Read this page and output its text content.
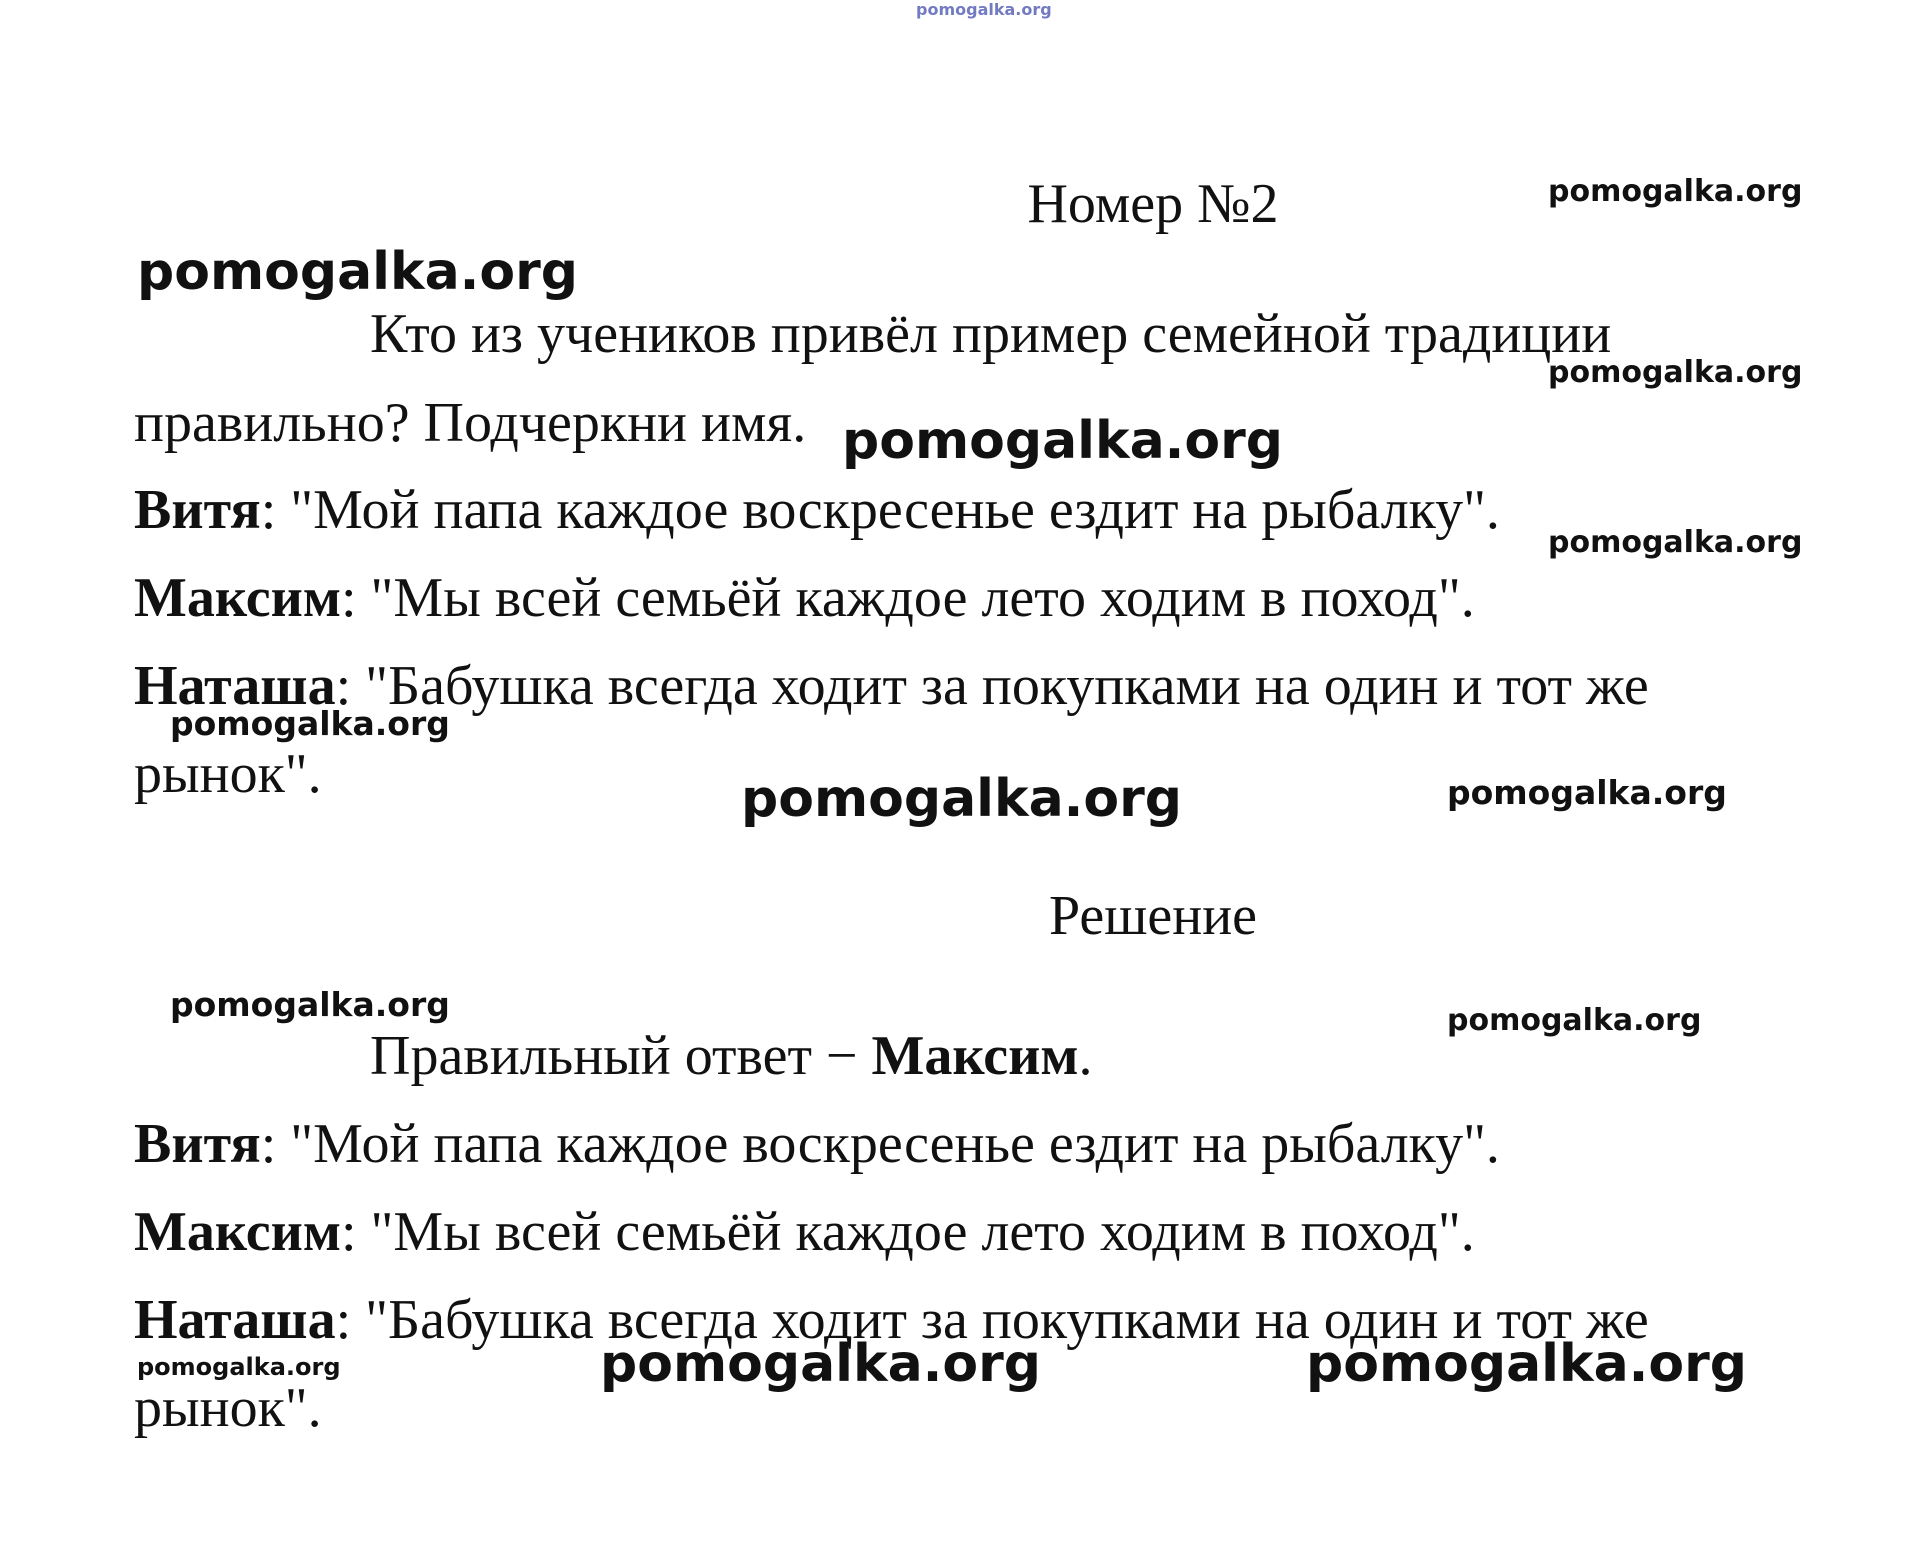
pomogalka.org
Номер №2
Кто из учеников привёл пример семейной традиции
правильно? Подчеркни имя.
Витя: "Мой папа каждое воскресенье ездит на рыбалку".
Максим: "Мы всей семьёй каждое лето ходим в поход".
Наташа: "Бабушка всегда ходит за покупками на один и тот же
рынок".
Решение
Правильный ответ − Максим.
Витя: "Мой папа каждое воскресенье ездит на рыбалку".
Максим: "Мы всей семьёй каждое лето ходим в поход".
Наташа: "Бабушка всегда ходит за покупками на один и тот же
рынок".
pomogalka.org
pomogalka.org
pomogalka.org
pomogalka.org
pomogalka.org
pomogalka.org
pomogalka.org	pomogalka.org
pomogalka.org	pomogalka.org
pomogalka.org	pomogalka.org	pomogalka.org
